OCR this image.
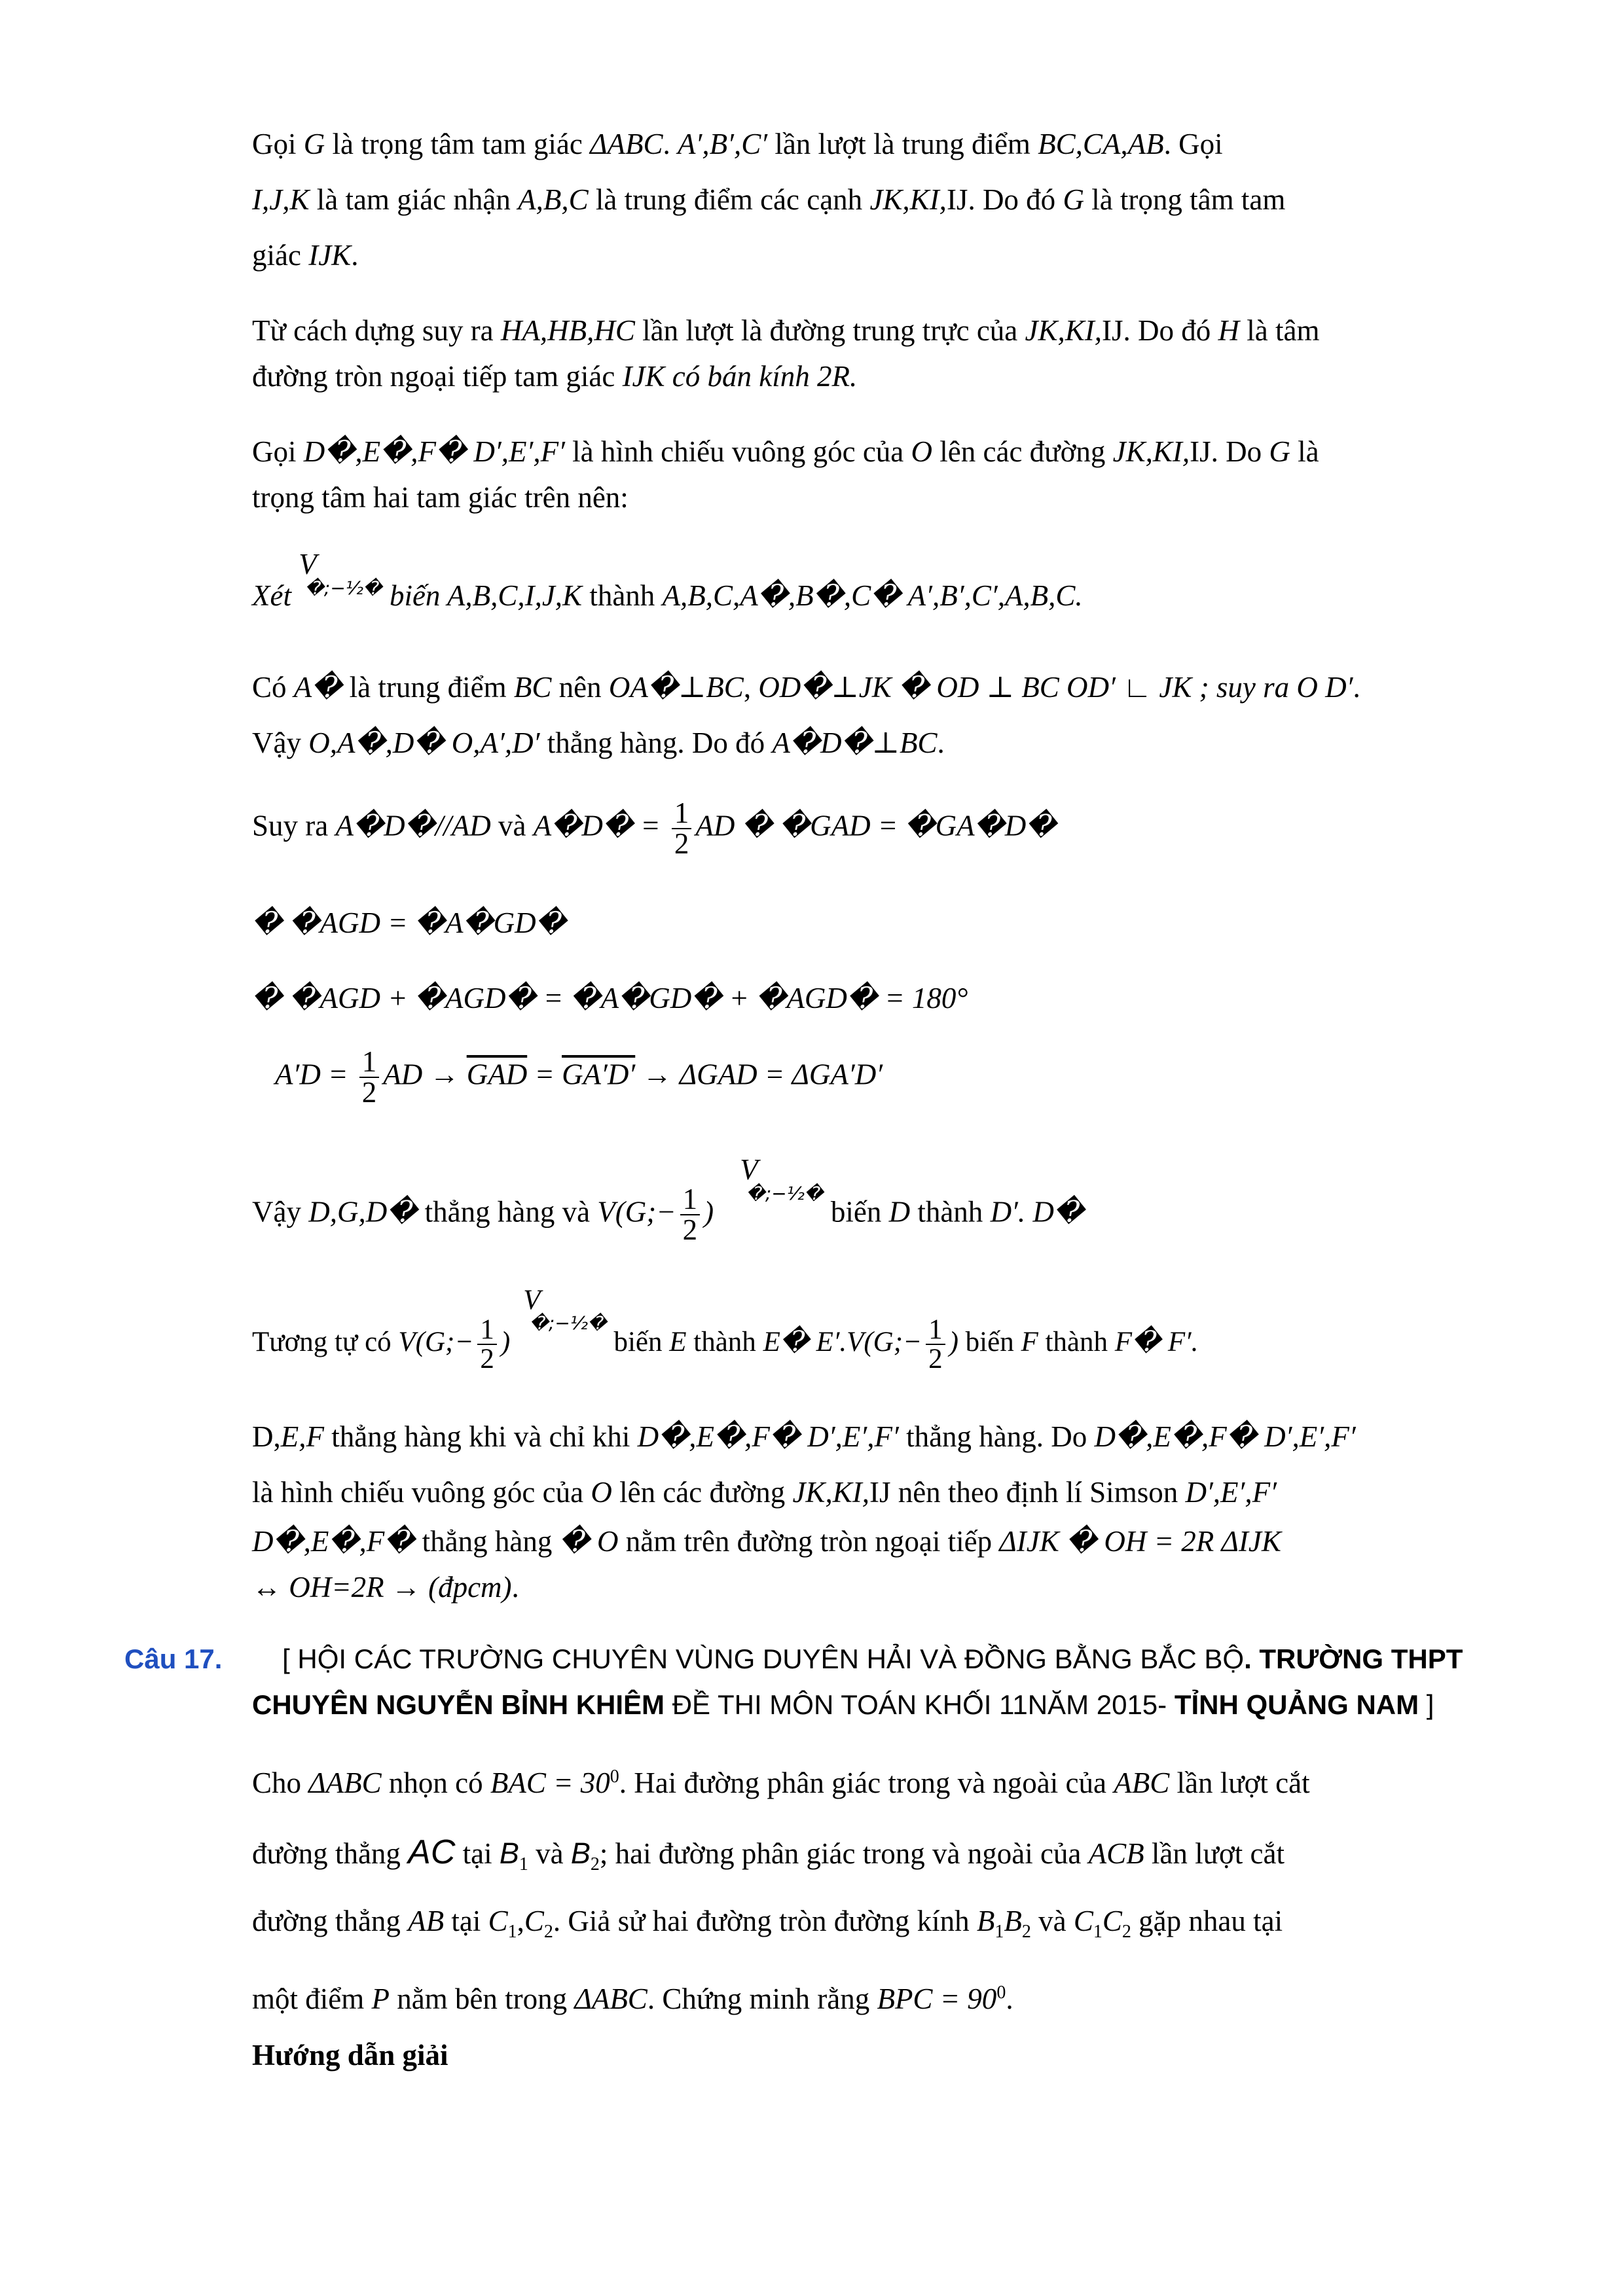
Gọi G là trọng tâm tam giác ΔABC. A′,B′,C′ lần lượt là trung điểm BC,CA,AB. Gọi
I,J,K là tam giác nhận A,B,C là trung điểm các cạnh JK,KI,IJ. Do đó G là trọng tâm tam
giác IJK.
Từ cách dựng suy ra HA,HB,HC lần lượt là đường trung trực của JK,KI,IJ. Do đó H là tâm
đường tròn ngoại tiếp tam giác IJK có bán kính 2R.
Gọi D�,E�,F� D′,E′,F′ là hình chiếu vuông góc của O lên các đường JK,KI,IJ. Do G là
trọng tâm hai tam giác trên nên:
Xét V
�;−½� biến A,B,C,I,J,K thành A,B,C,A�,B�,C� A′,B′,C′,A,B,C.
Có A� là trung điểm BC nên OA�⊥BC, OD�⊥JK � OD ⊥ BC OD′ ∟ JK ; suy ra O D′.
Vậy O,A�,D� O,A′,D′ thẳng hàng. Do đó A�D�⊥BC.
Suy ra A�D�//AD và A�D� = $\frac{1}{2}$ AD � �GAD = �GA�D�
� �AGD = �A�GD�
� �AGD + �AGD� = �A�GD� + �AGD� = 180°
$A'D = \frac{1}{2}$ AD → $\overline{GAD} = GA'D' \to \Delta GAD = \Delta GA'D'$
Vậy D,G,D� thẳng hàng và V(G;− $\frac{1}{2} )V$
�;−½�
biến D thành D′. D�
Tương tự có V(G;− $\frac{1}{2} )V$
�;−½�
biến E thành E� E′.V(G;− $\frac{1}{2}$ ) biến F thành F� F′.
D,E,F thẳng hàng khi và chỉ khi D�,E�,F� D′,E′,F′ thẳng hàng. Do D�,E�,F� D′,E′,F′
là hình chiếu vuông góc của O lên các đường JK,KI,IJ nên theo định lí Simson D′,E′,F′
D�,E�,F� thẳng hàng � O nằm trên đường tròn ngoại tiếp ΔIJK � OH = 2R ΔIJK
↔ OH=2R → (đpcm).
Câu 17. [ HỘI CÁC TRƯỜNG CHUYÊN VÙNG DUYÊN HẢI VÀ ĐỒNG BẰNG BẮC BỘ. TRƯỜNG THPT
CHUYÊN NGUYỄN BỈNH KHIÊM ĐỀ THI MÔN TOÁN KHỐI 11NĂM 2015- TỈNH QUẢNG NAM ]
Cho ΔABC nhọn có BAC = $30^0$. Hai đường phân giác trong và ngoài của ABC lần lượt cắt
đường thẳng AC tại $B_1$ và $B_2$; hai đường phân giác trong và ngoài của ACB lần lượt cắt
đường thẳng AB tại $C_1,C_2$. Giả sử hai đường tròn đường kính $B_1B_2$ và $C_1C_2$ gặp nhau tại
một điểm P nằm bên trong ΔABC. Chứng minh rằng BPC = $90^0$.
Hướng dẫn giải
